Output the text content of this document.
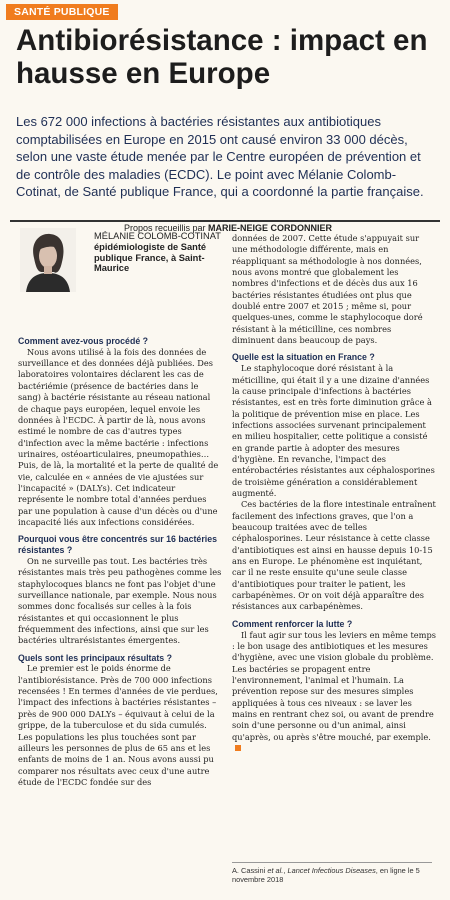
SANTÉ PUBLIQUE
Antibiorésistance : impact en hausse en Europe

Les 672 000 infections à bactéries résistantes aux antibiotiques comptabilisées en Europe en 2015 ont causé environ 33 000 décès, selon une vaste étude menée par le Centre européen de prévention et de contrôle des maladies (ECDC). Le point avec Mélanie Colomb-Cotinat, de Santé publique France, qui a coordonné la partie française.

Propos recueillis par MARIE-NEIGE CORDONNIER
MÉLANIE COLOMB-COTINAT
épidémiologiste de Santé publique France, à Saint-Maurice
Comment avez-vous procédé ?

Nous avons utilisé à la fois des données de surveillance et des données déjà publiées. Des laboratoires volontaires déclarent les cas de bactériémie (présence de bactéries dans le sang) à bactérie résistante au réseau national de chaque pays européen, lequel envoie les données à l'ECDC. À partir de là, nous avons estimé le nombre de cas d'autres types d'infection avec la même bactérie : infections urinaires, ostéoarticulaires, pneumopathies… Puis, de là, la mortalité et la perte de qualité de vie, calculée en « années de vie ajustées sur l'incapacité » (DALYs). Cet indicateur représente le nombre total d'années perdues par une population à cause d'un décès ou d'une incapacité liés aux infections considérées.

Pourquoi vous être concentrés sur 16 bactéries résistantes ?

On ne surveille pas tout. Les bactéries très résistantes mais très peu pathogènes comme les staphylocoques blancs ne font pas l'objet d'une surveillance nationale, par exemple. Nous nous sommes donc focalisés sur celles à la fois résistantes et qui occasionnent le plus fréquemment des infections, ainsi que sur les bactéries ultrarésistantes émergentes.

Quels sont les principaux résultats ?

Le premier est le poids énorme de l'antibiorésistance. Près de 700 000 infections recensées ! En termes d'années de vie perdues, l'impact des infections à bactéries résistantes – près de 900 000 DALYs – équivaut à celui de la grippe, de la tuberculose et du sida cumulés. Les populations les plus touchées sont par ailleurs les personnes de plus de 65 ans et les enfants de moins de 1 an. Nous avons aussi pu comparer nos résultats avec ceux d'une autre étude de l'ECDC fondée sur des

données de 2007. Cette étude s'appuyait sur une méthodologie différente, mais en réappliquant sa méthodologie à nos données, nous avons montré que globalement les nombres d'infections et de décès dus aux 16 bactéries résistantes étudiées ont plus que doublé entre 2007 et 2015 ; même si, pour quelques-unes, comme le staphylocoque doré résistant à la méticilline, ces nombres diminuent dans beaucoup de pays.

Quelle est la situation en France ?

Le staphylocoque doré résistant à la méticilline, qui était il y a une dizaine d'années la cause principale d'infections à bactéries résistantes, est en très forte diminution grâce à la politique de prévention mise en place. Les infections associées survenant principalement en milieu hospitalier, cette politique a consisté en grande partie à adopter des mesures d'hygiène. En revanche, l'impact des entérobactéries résistantes aux céphalosporines de troisième génération a considérablement augmenté.

Ces bactéries de la flore intestinale entraînent facilement des infections graves, que l'on a beaucoup traitées avec de telles céphalosporines. Leur résistance à cette classe d'antibiotiques est ainsi en hausse depuis 10-15 ans en Europe. Le phénomène est inquiétant, car il ne reste ensuite qu'une seule classe d'antibiotiques pour traiter le patient, les carbapénèmes. Or on voit déjà apparaître des résistances aux carbapénèmes.

Comment renforcer la lutte ?

Il faut agir sur tous les leviers en même temps : le bon usage des antibiotiques et les mesures d'hygiène, avec une vision globale du problème. Les bactéries se propagent entre l'environnement, l'animal et l'humain. La prévention repose sur des mesures simples appliquées à tous ces niveaux : se laver les mains en rentrant chez soi, ou avant de prendre soin d'une personne ou d'un animal, ainsi qu'après, ou après s'être mouché, par exemple.

A. Cassini et al., Lancet Infectious Diseases, en ligne le 5 novembre 2018
